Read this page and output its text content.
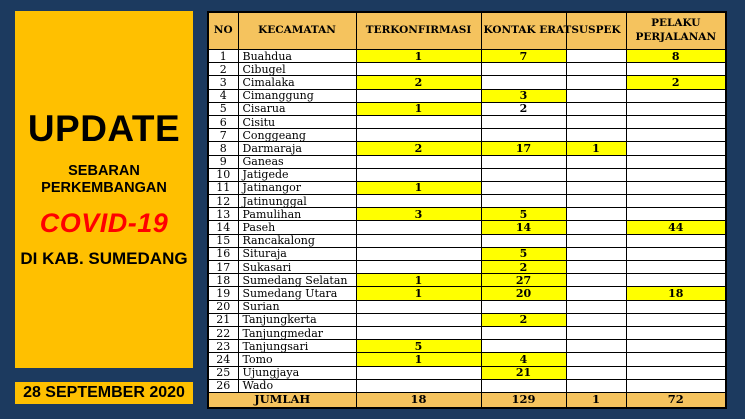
UPDATE
SEBARAN
PERKEMBANGAN
COVID-19
DI KAB. SUMEDANG
28 SEPTEMBER 2020
NO	KECAMATAN	TERKONFIRMASI	KONTAK ERAT	SUSPEK	PELAKU PERJALANAN
1	Buahdua	1	7		8
2	Cibugel				
3	Cimalaka	2			2
4	Cimanggung		3		
5	Cisarua	1	2		
6	Cisitu				
7	Conggeang				
8	Darmaraja	2	17	1	
9	Ganeas				
10	Jatigede				
11	Jatinangor	1			
12	Jatinunggal				
13	Pamulihan	3	5		
14	Paseh		14		44
15	Rancakalong				
16	Situraja		5		
17	Sukasari		2		
18	Sumedang Selatan	1	27		
19	Sumedang Utara	1	20		18
20	Surian				
21	Tanjungkerta		2		
22	Tanjungmedar				
23	Tanjungsari	5			
24	Tomo	1	4		
25	Ujungjaya		21		
26	Wado				
JUMLAH		18	129	1	72
